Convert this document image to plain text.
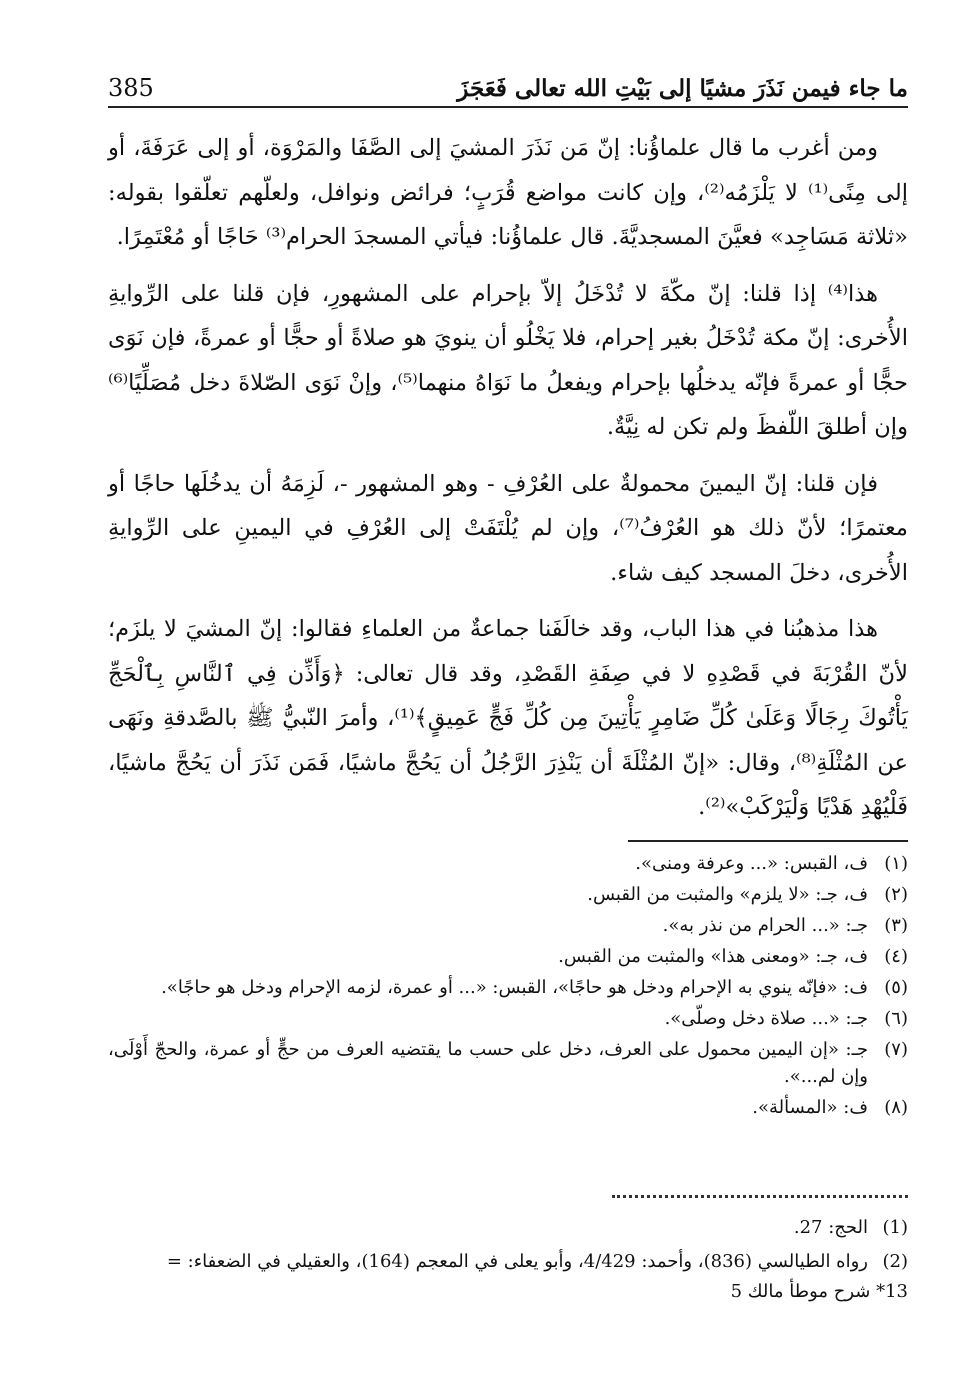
385	ما جاء فيمن نَذَرَ مشيًا إلى بَيْتِ الله تعالى فَعَجَزَ

ومن أغرب ما قال علماؤُنا: إنّ مَن نَذَرَ المشيَ إلى الصَّفَا والمَرْوَة، أو إلى عَرَفَةَ، أو إلى مِنًى⁽¹⁾ لا يَلْزَمُه⁽²⁾، وإن كانت مواضع قُرَبٍ؛ فرائض ونوافل، ولعلّهم تعلّقوا بقوله: «ثلاثة مَسَاجِد» فعيَّنَ المسجديَّةَ. قال علماؤُنا: فيأتي المسجدَ الحرام⁽³⁾ حَاجًا أو مُعْتَمِرًا.

هذا⁽⁴⁾ إذا قلنا: إنّ مكّةَ لا تُدْخَلُ إلاّ بإحرام على المشهورِ، فإن قلنا على الرِّوايةِ الأُخرى: إنّ مكة تُدْخَلُ بغير إحرام، فلا يَخْلُو أن ينويَ هو صلاةً أو حجًّا أو عمرةً، فإن نَوَى حجًّا أو عمرةً فإنّه يدخلُها بإحرام ويفعلُ ما نَوَاهُ منهما⁽⁵⁾، وإنْ نَوَى الصّلاةَ دخل مُصَلِّيًا⁽⁶⁾ وإن أطلقَ اللّفظَ ولم تكن له نِيَّةٌ.

فإن قلنا: إنّ اليمينَ محمولةٌ على العُرْفِ - وهو المشهور -، لَزِمَهُ أن يدخُلَها حاجًا أو معتمرًا؛ لأنّ ذلك هو العُرْفُ⁽⁷⁾، وإن لم يُلْتَفَتْ إلى العُرْفِ في اليمينِ على الرِّوايةِ الأُخرى، دخلَ المسجد كيف شاء.

هذا مذهبُنا في هذا الباب، وقد خالَفَنا جماعةٌ من العلماءِ فقالوا: إنّ المشيَ لا يلزَم؛ لأنّ القُرْبَةَ في قَصْدِهِ لا في صِفَةِ القَصْدِ، وقد قال تعالى: ﴿وَأَذِّن فِي ٱلنَّاسِ بِٱلْحَجِّ يَأْتُوكَ رِجَالًا وَعَلَىٰ كُلِّ ضَامِرٍ يَأْتِينَ مِن كُلِّ فَجٍّ عَمِيقٍ﴾⁽¹⁾، وأمرَ النّبيُّ ﷺ بالصَّدقةِ ونَهَى عن المُثْلَةِ⁽⁸⁾، وقال: «إنّ المُثْلَةَ أن يَنْذِرَ الرَّجُلُ أن يَحُجَّ ماشيًا، فَمَن نَذَرَ أن يَحُجَّ ماشيًا، فَلْيُهْدِ هَدْيًا وَلْيَرْكَبْ»⁽²⁾.

(١)
ف، القبس: «... وعرفة ومنى».
(٢)
ف، جـ: «لا يلزم» والمثبت من القبس.
(٣)
جـ: «... الحرام من نذر به».
(٤)
ف، جـ: «ومعنى هذا» والمثبت من القبس.
(٥)
ف: «فإنّه ينوي به الإحرام ودخل هو حاجًا»، القبس: «... أو عمرة، لزمه الإحرام ودخل هو حاجًا».
(٦)
جـ: «... صلاة دخل وصلّى».
(٧)
جـ: «إن اليمين محمول على العرف، دخل على حسب ما يقتضيه العرف من حجٍّ أو عمرة، والحجّ أَوْلَى، وإن لم...».
(٨)
ف: «المسألة».
(1)
الحج: 27.
(2)
رواه الطيالسي (836)، وأحمد: 4/429، وأبو يعلى في المعجم (164)، والعقيلي في الضعفاء: =
13* شرح موطأ مالك 5
